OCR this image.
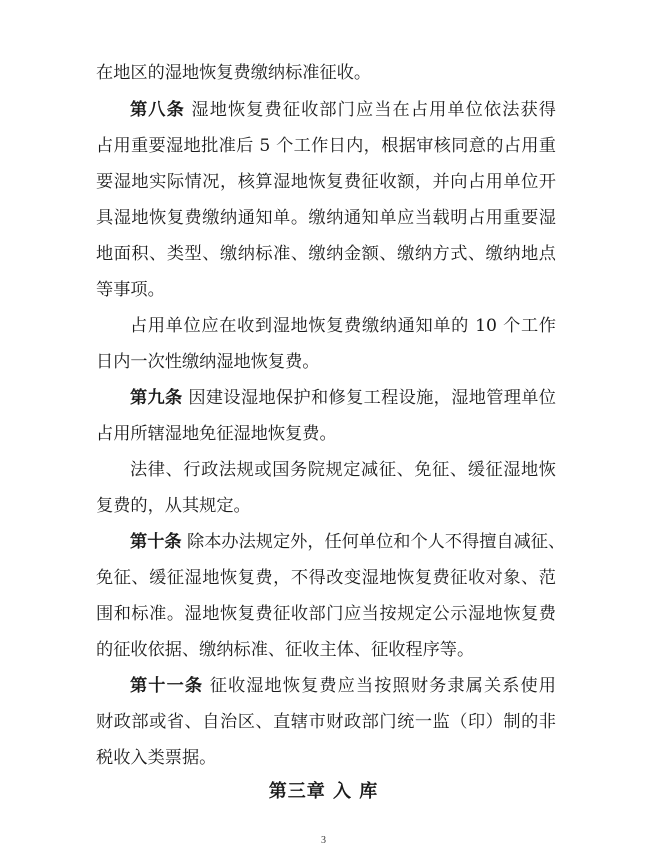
在地区的湿地恢复费缴纳标准征收。
第八条 湿地恢复费征收部门应当在占用单位依法获得
占用重要湿地批准后 5 个工作日内，根据审核同意的占用重
要湿地实际情况，核算湿地恢复费征收额，并向占用单位开
具湿地恢复费缴纳通知单。缴纳通知单应当载明占用重要湿
地面积、类型、缴纳标准、缴纳金额、缴纳方式、缴纳地点
等事项。
占用单位应在收到湿地恢复费缴纳通知单的 10 个工作
日内一次性缴纳湿地恢复费。
第九条 因建设湿地保护和修复工程设施，湿地管理单位
占用所辖湿地免征湿地恢复费。
法律、行政法规或国务院规定减征、免征、缓征湿地恢
复费的，从其规定。
第十条 除本办法规定外，任何单位和个人不得擅自减征、
免征、缓征湿地恢复费，不得改变湿地恢复费征收对象、范
围和标准。湿地恢复费征收部门应当按规定公示湿地恢复费
的征收依据、缴纳标准、征收主体、征收程序等。
第十一条 征收湿地恢复费应当按照财务隶属关系使用
财政部或省、自治区、直辖市财政部门统一监（印）制的非
税收入类票据。
第三章 入 库
3
